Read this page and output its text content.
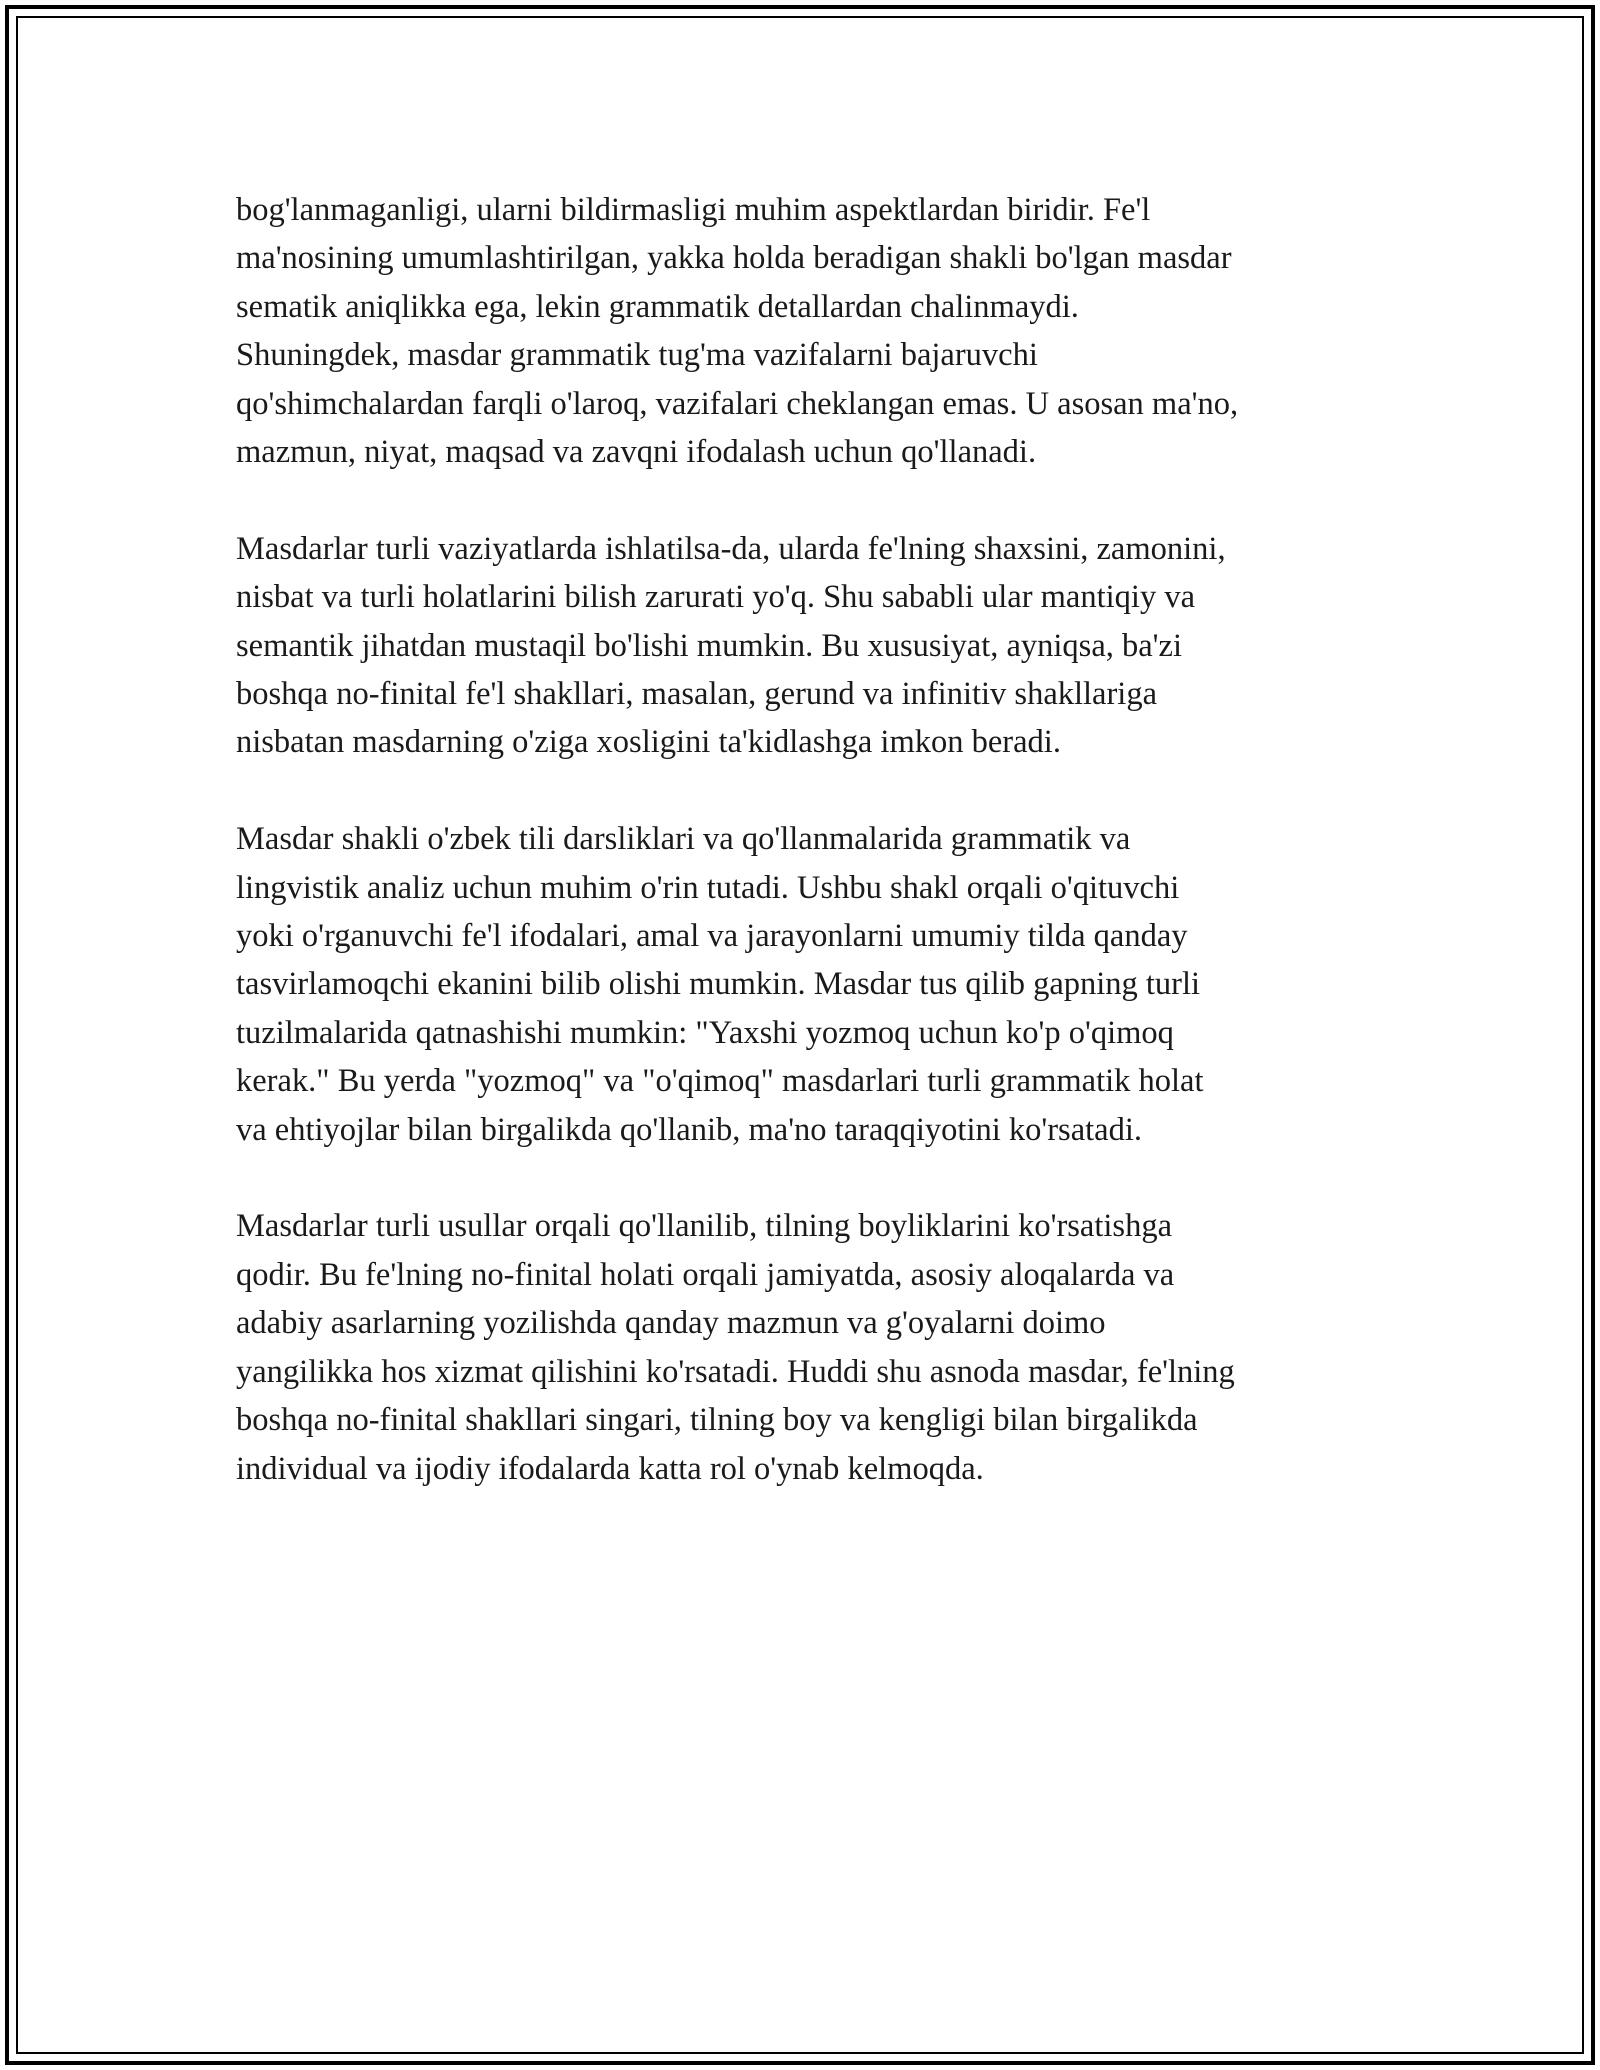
bog'lanmaganligi, ularni bildirmasligi muhim aspektlardan biridir. Fe'l
ma'nosining umumlashtirilgan, yakka holda beradigan shakli bo'lgan masdar
sematik aniqlikka ega, lekin grammatik detallardan chalinmaydi.
Shuningdek, masdar grammatik tug'ma vazifalarni bajaruvchi
qo'shimchalardan farqli o'laroq, vazifalari cheklangan emas. U asosan ma'no,
mazmun, niyat, maqsad va zavqni ifodalash uchun qo'llanadi.

Masdarlar turli vaziyatlarda ishlatilsa-da, ularda fe'lning shaxsini, zamonini,
nisbat va turli holatlarini bilish zarurati yo'q. Shu sababli ular mantiqiy va
semantik jihatdan mustaqil bo'lishi mumkin. Bu xususiyat, ayniqsa, ba'zi
boshqa no-finital fe'l shakllari, masalan, gerund va infinitiv shakllariga
nisbatan masdarning o'ziga xosligini ta'kidlashga imkon beradi.

Masdar shakli o'zbek tili darsliklari va qo'llanmalarida grammatik va
lingvistik analiz uchun muhim o'rin tutadi. Ushbu shakl orqali o'qituvchi
yoki o'rganuvchi fe'l ifodalari, amal va jarayonlarni umumiy tilda qanday
tasvirlamoqchi ekanini bilib olishi mumkin. Masdar tus qilib gapning turli
tuzilmalarida qatnashishi mumkin: "Yaxshi yozmoq uchun ko'p o'qimoq
kerak." Bu yerda "yozmoq" va "o'qimoq" masdarlari turli grammatik holat
va ehtiyojlar bilan birgalikda qo'llanib, ma'no taraqqiyotini ko'rsatadi.

Masdarlar turli usullar orqali qo'llanilib, tilning boyliklarini ko'rsatishga
qodir. Bu fe'lning no-finital holati orqali jamiyatda, asosiy aloqalarda va
adabiy asarlarning yozilishda qanday mazmun va g'oyalarni doimo
yangilikka hos xizmat qilishini ko'rsatadi. Huddi shu asnoda masdar, fe'lning
boshqa no-finital shakllari singari, tilning boy va kengligi bilan birgalikda
individual va ijodiy ifodalarda katta rol o'ynab kelmoqda.
